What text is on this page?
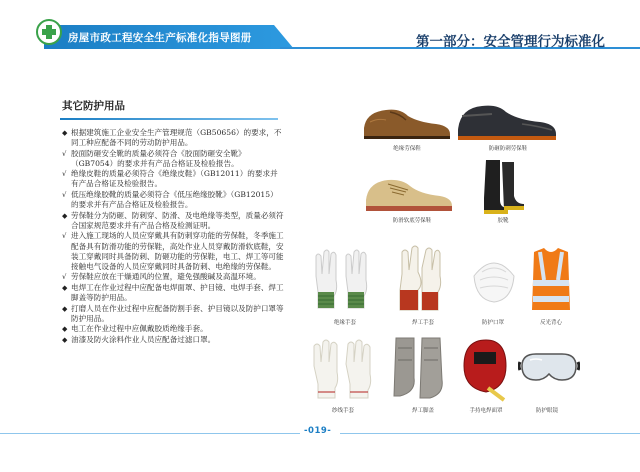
房屋市政工程安全生产标准化指导图册	第一部分：安全管理行为标准化
其它防护用品
◆ 根据建筑施工企业安全生产管理规范（GB50656）的要求，不同工种应配备不同的劳动防护用品。
√ 胶面防砸安全靴的质量必须符合《胶面防砸安全靴》（GB7054）的要求并有产品合格证及检验报告。
√ 绝缘皮鞋的质量必须符合《绝缘皮鞋》（GB12011）的要求并有产品合格证及检验报告。
√ 低压绝缘胶靴的质量必须符合《低压绝缘胶靴》（GB12015）的要求并有产品合格证及检验报告。
◆ 劳保鞋分为防砸、防刺穿、防滑、及电绝缘等类型，质量必须符合国家规范要求并有产品合格及检测证明。
√ 进入施工现场的人员应穿戴具有防刺穿功能的劳保鞋，冬季施工配备具有防滑功能的劳保鞋，高处作业人员穿戴防滑软底鞋，安装工穿戴同时具备防刺、防砸功能的劳保鞋，电工、焊工等可能接触电气设备的人员应穿戴同时具备防刺、电绝缘的劳保鞋。
√ 劳保鞋应放在干燥通风的位置，避免强酸碱及高温环境。
◆ 电焊工在作业过程中应配备电焊面罩、护目镜、电焊手套、焊工脚盖等防护用品。
◆ 打磨人员在作业过程中应配备防割手套、护目镜以及防护口罩等防护用品。
◆ 电工在作业过程中应佩戴胶质绝缘手套。
◆ 油漆及防火涂料作业人员应配备过滤口罩。
绝缘劳保鞋	防砸防刺劳保鞋
防滑软底劳保鞋	胶靴
绝缘手套	焊工手套	防护口罩	反光背心
纱线手套	焊工脚盖	手持电焊面罩	防护眼镜
-019-
